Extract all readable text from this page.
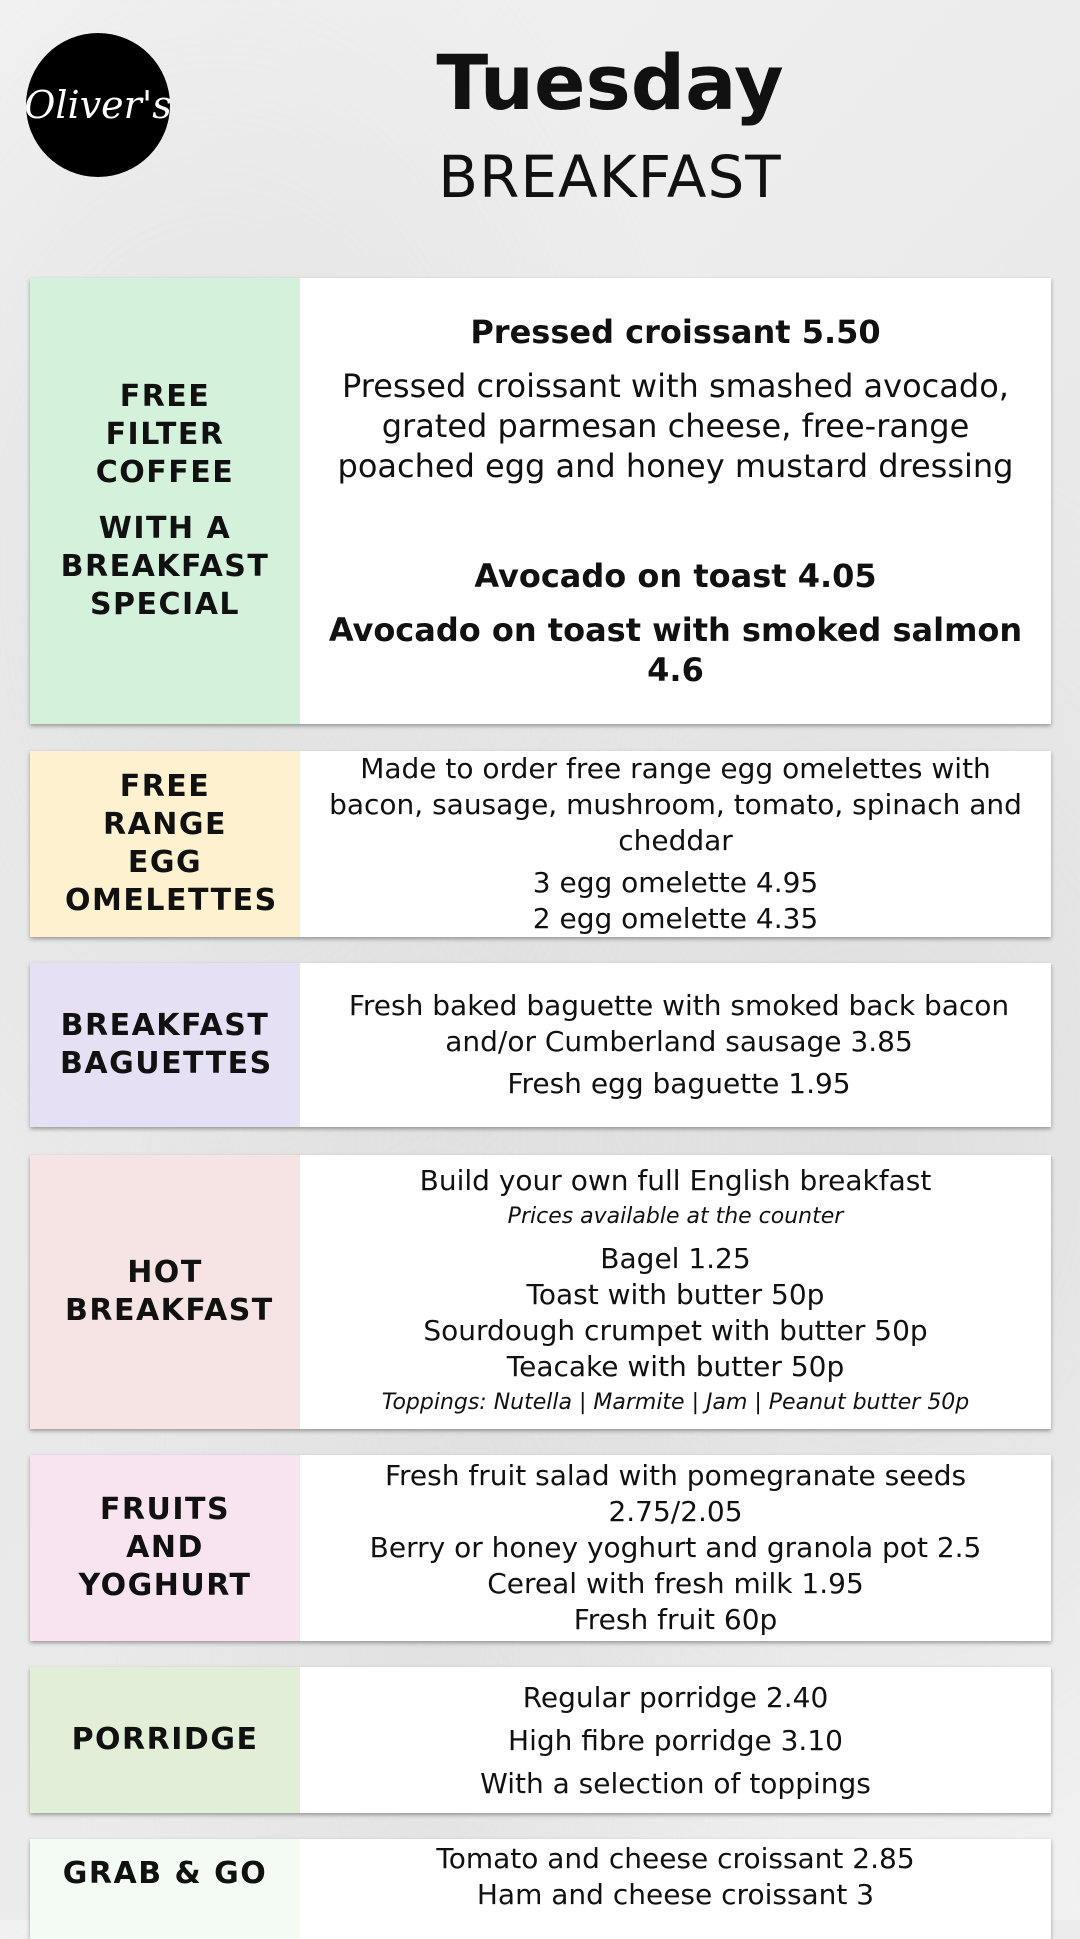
Oliver's	Tuesday
BREAKFAST
FREE FILTER COFFEE
WITH A BREAKFAST SPECIAL
Pressed croissant 5.50
Pressed croissant with smashed avocado, grated parmesan cheese, free-range poached egg and honey mustard dressing
Avocado on toast 4.05
Avocado on toast with smoked salmon 4.6
FREE RANGE EGG OMELETTES
Made to order free range egg omelettes with bacon, sausage, mushroom, tomato, spinach and cheddar
3 egg omelette 4.95
2 egg omelette 4.35
BREAKFAST BAGUETTES
Fresh baked baguette with smoked back bacon and/or Cumberland sausage 3.85
Fresh egg baguette 1.95
HOT BREAKFAST
Build your own full English breakfast
Prices available at the counter
Bagel 1.25
Toast with butter 50p
Sourdough crumpet with butter 50p
Teacake with butter 50p
Toppings: Nutella | Marmite | Jam | Peanut butter 50p
FRUITS AND YOGHURT
Fresh fruit salad with pomegranate seeds 2.75/2.05
Berry or honey yoghurt and granola pot 2.5
Cereal with fresh milk 1.95
Fresh fruit 60p
PORRIDGE
Regular porridge 2.40
High fibre porridge 3.10
With a selection of toppings
GRAB & GO	Tomato and cheese croissant 2.85
Ham and cheese croissant 3
